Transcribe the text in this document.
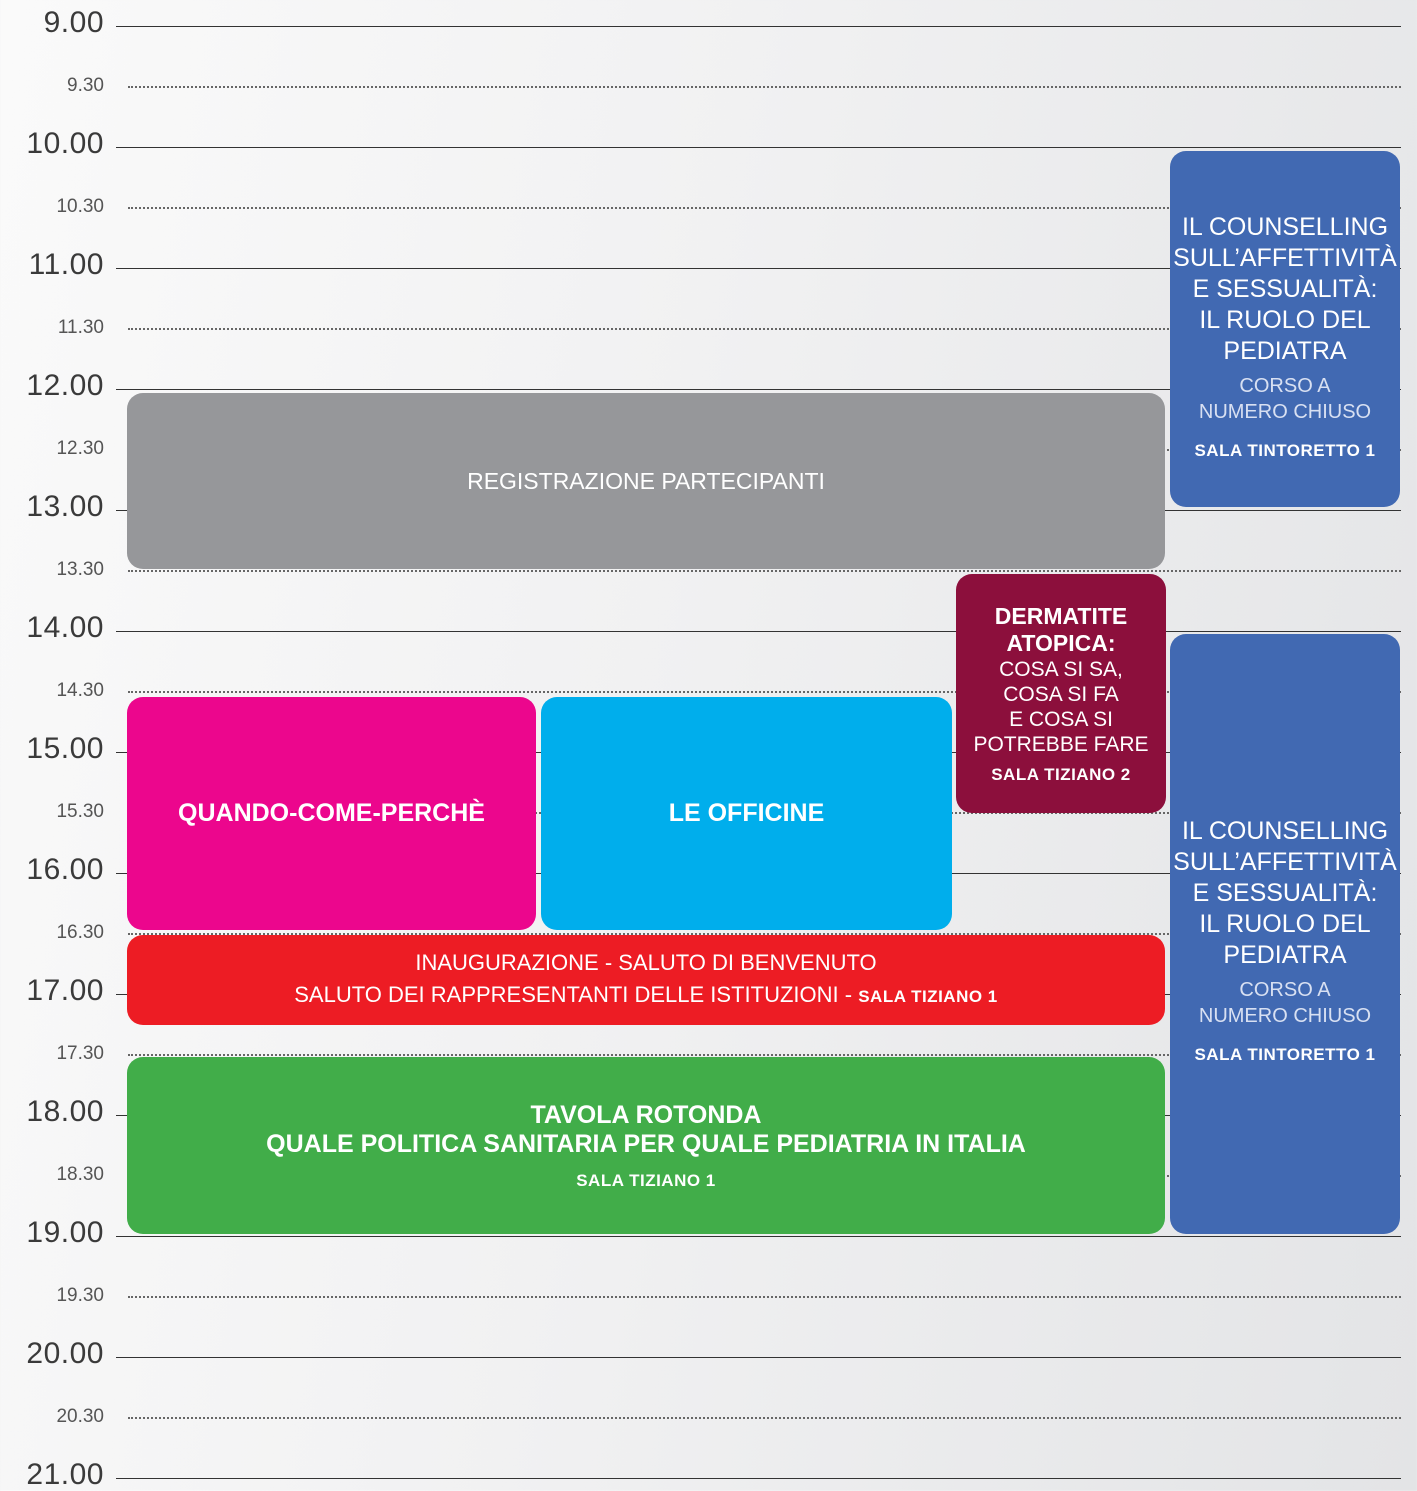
9.00
10.00
11.00
12.00
13.00
14.00
15.00
16.00
17.00
18.00
19.00
20.00
21.00
9.30
10.30
11.30
12.30
13.30
14.30
15.30
16.30
17.30
18.30
19.30
20.30
REGISTRAZIONE PARTECIPANTI
IL COUNSELLING
SULL’AFFETTIVITÀ
E SESSUALITÀ:
IL RUOLO DEL
PEDIATRA
CORSO A
NUMERO CHIUSO
SALA TINTORETTO 1
IL COUNSELLING
SULL’AFFETTIVITÀ
E SESSUALITÀ:
IL RUOLO DEL
PEDIATRA
CORSO A
NUMERO CHIUSO
SALA TINTORETTO 1
DERMATITE
ATOPICA:
COSA SI SA,
COSA SI FA
E COSA SI
POTREBBE FARE
SALA TIZIANO 2
QUANDO-COME-PERCHÈ	LE OFFICINE
INAUGURAZIONE - SALUTO DI BENVENUTO
SALUTO DEI RAPPRESENTANTI DELLE ISTITUZIONI - SALA TIZIANO 1
TAVOLA ROTONDA
QUALE POLITICA SANITARIA PER QUALE PEDIATRIA IN ITALIA
SALA TIZIANO 1
